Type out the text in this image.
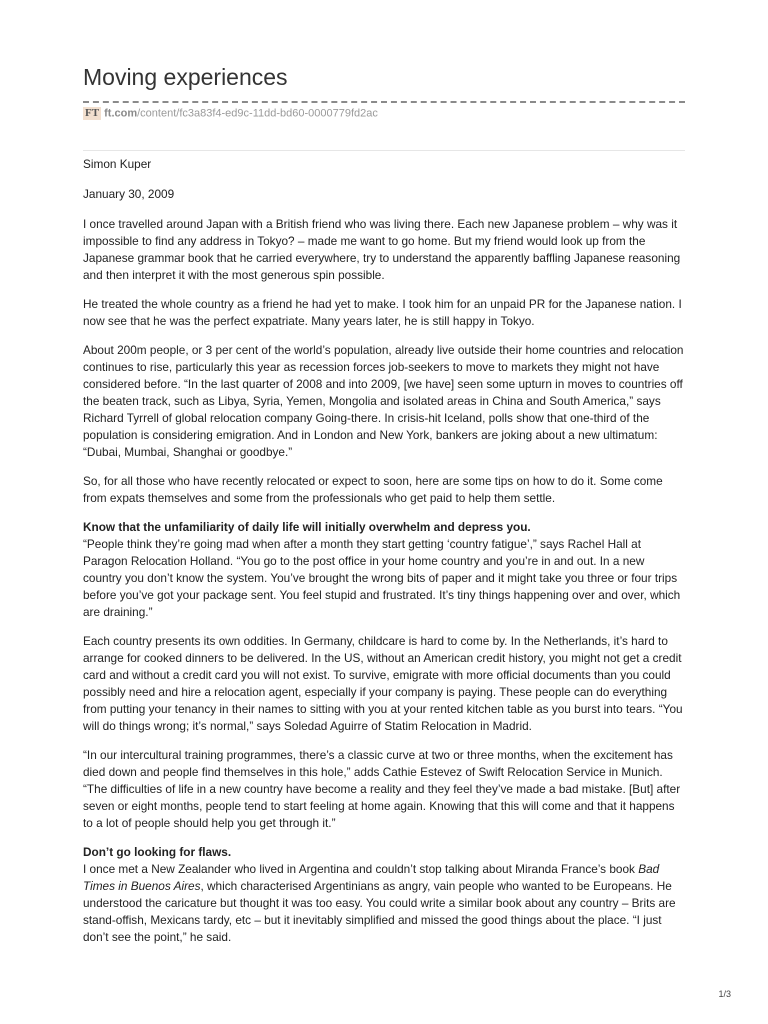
Moving experiences
FT ft.com/content/fc3a83f4-ed9c-11dd-bd60-0000779fd2ac

Simon Kuper

January 30, 2009

I once travelled around Japan with a British friend who was living there. Each new Japanese problem – why was it impossible to find any address in Tokyo? – made me want to go home. But my friend would look up from the Japanese grammar book that he carried everywhere, try to understand the apparently baffling Japanese reasoning and then interpret it with the most generous spin possible.

He treated the whole country as a friend he had yet to make. I took him for an unpaid PR for the Japanese nation. I now see that he was the perfect expatriate. Many years later, he is still happy in Tokyo.

About 200m people, or 3 per cent of the world’s population, already live outside their home countries and relocation continues to rise, particularly this year as recession forces job-seekers to move to markets they might not have considered before. “In the last quarter of 2008 and into 2009, [we have] seen some upturn in moves to countries off the beaten track, such as Libya, Syria, Yemen, Mongolia and isolated areas in China and South America,” says Richard Tyrrell of global relocation company Going-there. In crisis-hit Iceland, polls show that one-third of the population is considering emigration. And in London and New York, bankers are joking about a new ultimatum: “Dubai, Mumbai, Shanghai or goodbye.”

So, for all those who have recently relocated or expect to soon, here are some tips on how to do it. Some come from expats themselves and some from the professionals who get paid to help them settle.

Know that the unfamiliarity of daily life will initially overwhelm and depress you.
“People think they’re going mad when after a month they start getting ‘country fatigue’,” says Rachel Hall at Paragon Relocation Holland. “You go to the post office in your home country and you’re in and out. In a new country you don’t know the system. You’ve brought the wrong bits of paper and it might take you three or four trips before you’ve got your package sent. You feel stupid and frustrated. It’s tiny things happening over and over, which are draining.”

Each country presents its own oddities. In Germany, childcare is hard to come by. In the Netherlands, it’s hard to arrange for cooked dinners to be delivered. In the US, without an American credit history, you might not get a credit card and without a credit card you will not exist. To survive, emigrate with more official documents than you could possibly need and hire a relocation agent, especially if your company is paying. These people can do everything from putting your tenancy in their names to sitting with you at your rented kitchen table as you burst into tears. “You will do things wrong; it’s normal,” says Soledad Aguirre of Statim Relocation in Madrid.

“In our intercultural training programmes, there’s a classic curve at two or three months, when the excitement has died down and people find themselves in this hole,” adds Cathie Estevez of Swift Relocation Service in Munich. “The difficulties of life in a new country have become a reality and they feel they’ve made a bad mistake. [But] after seven or eight months, people tend to start feeling at home again. Knowing that this will come and that it happens to a lot of people should help you get through it.”

Don’t go looking for flaws.
I once met a New Zealander who lived in Argentina and couldn’t stop talking about Miranda France’s book Bad Times in Buenos Aires, which characterised Argentinians as angry, vain people who wanted to be Europeans. He understood the caricature but thought it was too easy. You could write a similar book about any country – Brits are stand-offish, Mexicans tardy, etc – but it inevitably simplified and missed the good things about the place. “I just don’t see the point,” he said.

1/3
